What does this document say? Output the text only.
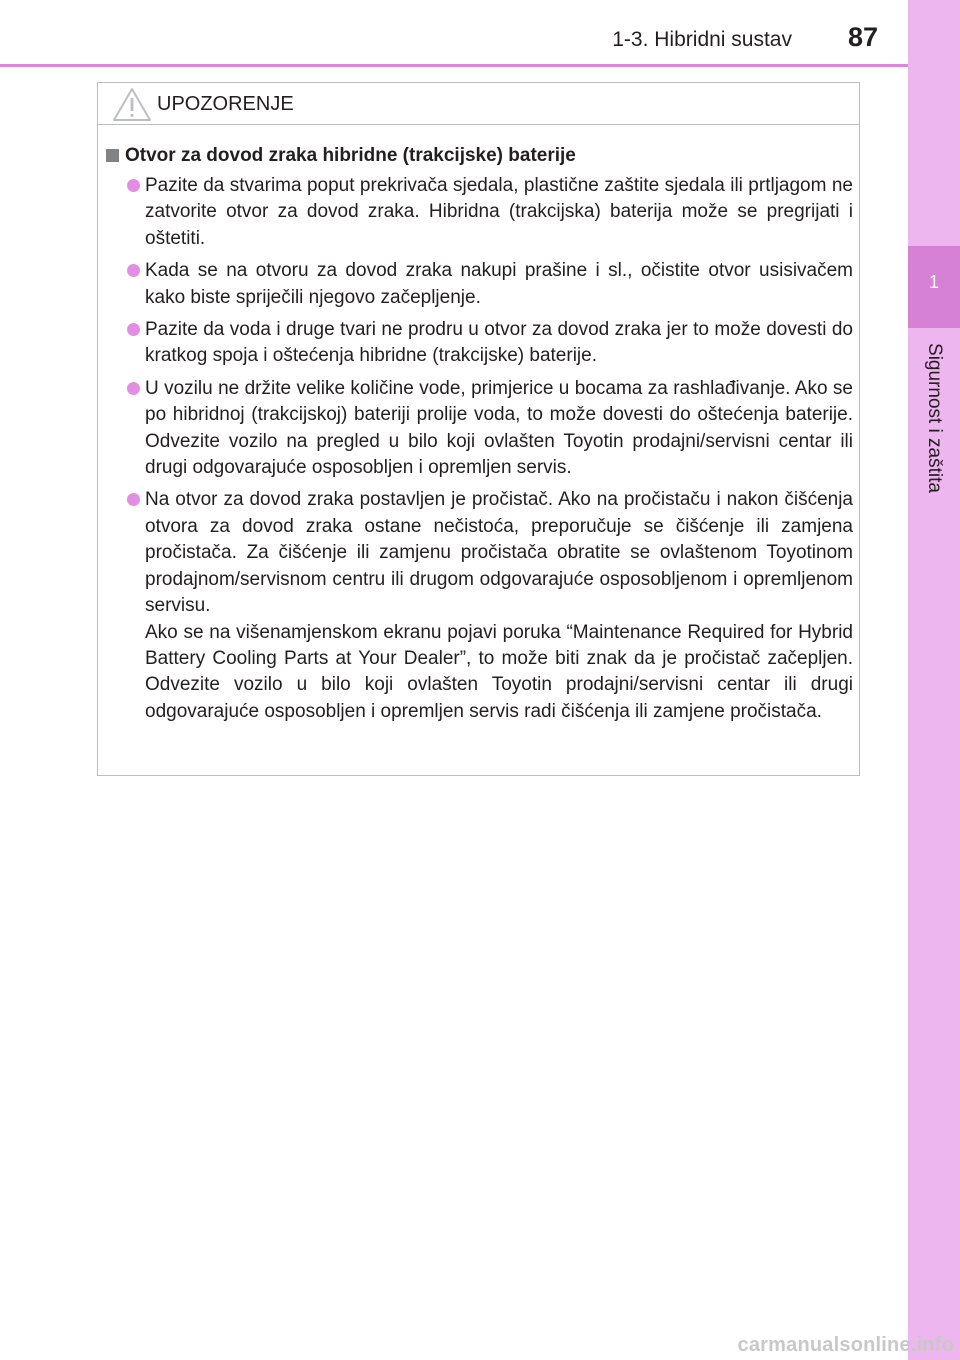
1-3. Hibridni sustav	87
1
Sigurnost i zaštita
UPOZORENJE
Otvor za dovod zraka hibridne (trakcijske) baterije
Pazite da stvarima poput prekrivača sjedala, plastične zaštite sjedala ili prtljagom ne zatvorite otvor za dovod zraka. Hibridna (trakcijska) baterija može se pregrijati i oštetiti.
Kada se na otvoru za dovod zraka nakupi prašine i sl., očistite otvor usisivačem kako biste spriječili njegovo začepljenje.
Pazite da voda i druge tvari ne prodru u otvor za dovod zraka jer to može dovesti do kratkog spoja i oštećenja hibridne (trakcijske) baterije.
U vozilu ne držite velike količine vode, primjerice u bocama za rashlađivanje. Ako se po hibridnoj (trakcijskoj) bateriji prolije voda, to može dovesti do oštećenja baterije. Odvezite vozilo na pregled u bilo koji ovlašten Toyotin prodajni/servisni centar ili drugi odgovarajuće osposobljen i opremljen servis.
Na otvor za dovod zraka postavljen je pročistač. Ako na pročistaču i nakon čišćenja otvora za dovod zraka ostane nečistoća, preporučuje se čišćenje ili zamjena pročistača. Za čišćenje ili zamjenu pročistača obratite se ovlaštenom Toyotinom prodajnom/servisnom centru ili drugom odgovarajuće osposobljenom i opremljenom servisu.
Ako se na višenamjenskom ekranu pojavi poruka “Maintenance Required for Hybrid Battery Cooling Parts at Your Dealer”, to može biti znak da je pročistač začepljen. Odvezite vozilo u bilo koji ovlašten Toyotin prodajni/servisni centar ili drugi odgovarajuće osposobljen i opremljen servis radi čišćenja ili zamjene pročistača.
carmanualsonline.info
